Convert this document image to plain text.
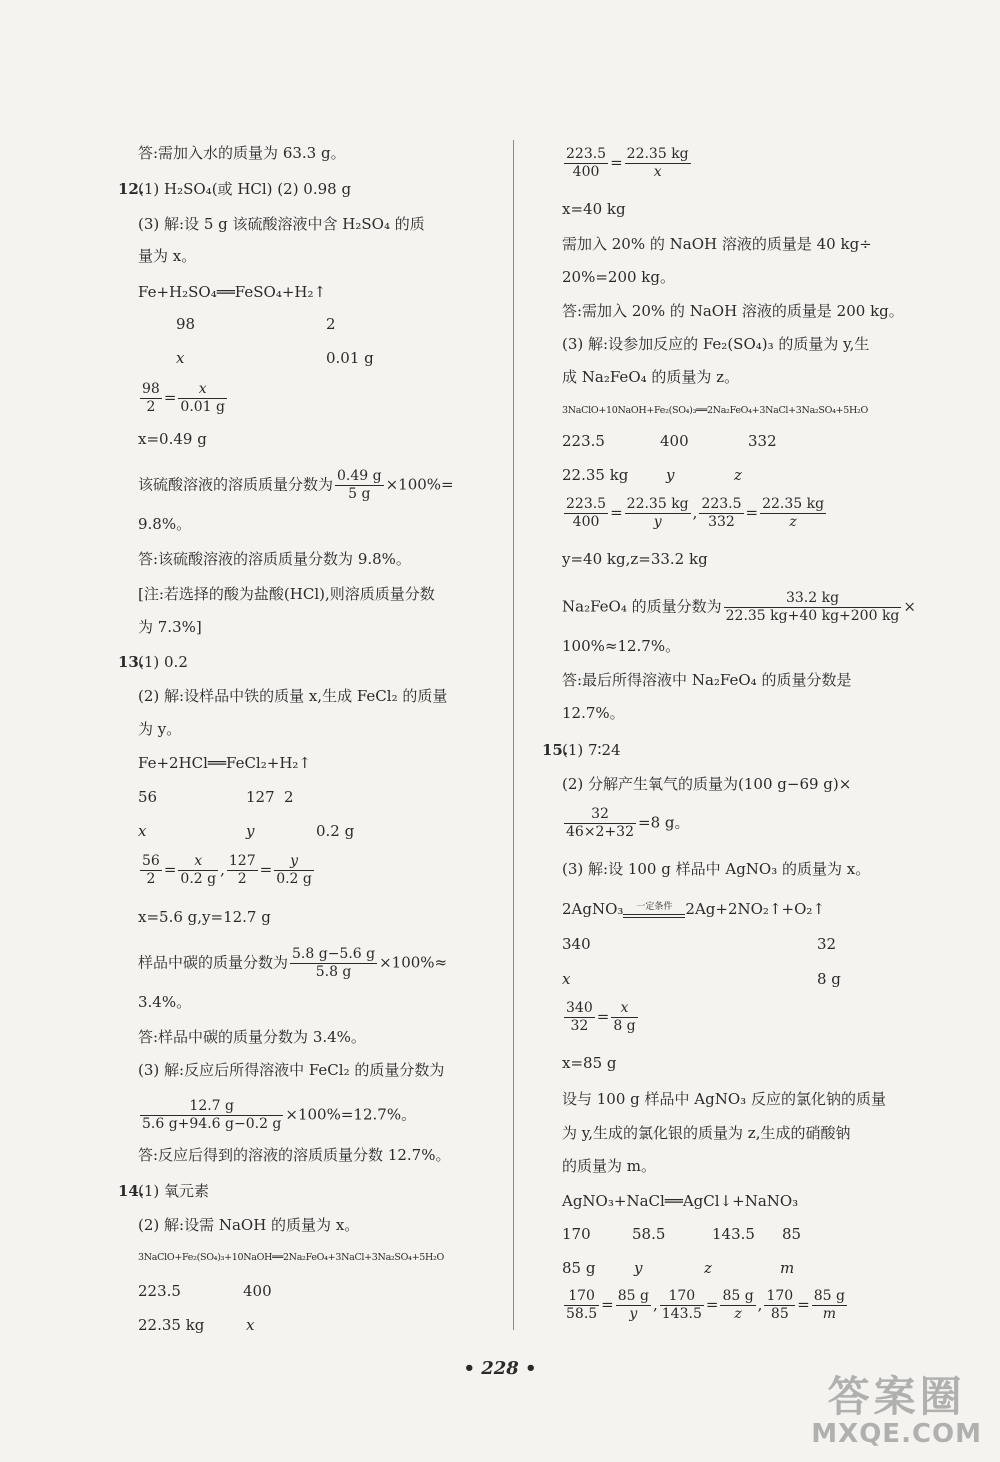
答:需加入水的质量为 63.3 g。
12.
(1) H₂SO₄(或 HCl) (2) 0.98 g
(3) 解:设 5 g 该硫酸溶液中含 H₂SO₄ 的质
量为 x。
Fe+H₂SO₄══FeSO₄+H₂↑
98	2
x	0.01 g
$\frac{98}{2} = \frac{x}{0.01 g}$
x=0.49 g
该硫酸溶液的溶质质量分数为 $\frac{0.49 g}{5 g} \times 100\%=$
9.8%。
答:该硫酸溶液的溶质质量分数为 9.8%。
[注:若选择的酸为盐酸(HCl),则溶质质量分数
为 7.3%]
13.
(1) 0.2
(2) 解:设样品中铁的质量 x,生成 FeCl₂ 的质量
为 y。
Fe+2HCl══FeCl₂+H₂↑
56	127 2
x	y	0.2 g
$\frac{56}{2} = \frac{x}{0.2 g}$ , $\frac{127}{2} = \frac{y}{0.2 g}$
x=5.6 g,y=12.7 g
样品中碳的质量分数为 $\frac{5.8 g-5.6 g}{5.8 g} \times 100\%\approx$
3.4%。
答:样品中碳的质量分数为 3.4%。
(3) 解:反应后所得溶液中 FeCl₂ 的质量分数为
$\frac{12.7 g}{5.6 g+94.6 g-0.2 g} \times 100\%=12.7\%$。
答:反应后得到的溶液的溶质质量分数 12.7%。
14.
(1) 氧元素
(2) 解:设需 NaOH 的质量为 x。
3NaClO+Fe₂(SO₄)₃+10NaOH══2Na₂FeO₄+3NaCl+3Na₂SO₄+5H₂O
223.5	400
22.35 kg	x
$\frac{223.5}{400} = \frac{22.35 kg}{x}$
x=40 kg
需加入 20% 的 NaOH 溶液的质量是 40 kg÷
20%=200 kg。
答:需加入 20% 的 NaOH 溶液的质量是 200 kg。
(3) 解:设参加反应的 Fe₂(SO₄)₃ 的质量为 y,生
成 Na₂FeO₄ 的质量为 z。
3NaClO+10NaOH+Fe₂(SO₄)₃══2Na₂FeO₄+3NaCl+3Na₂SO₄+5H₂O
223.5	400	332
22.35 kg	y	z
$\frac{223.5}{400} = \frac{22.35 kg}{y}$ , $\frac{223.5}{332} = \frac{22.35 kg}{z}$
y=40 kg,z=33.2 kg
Na₂FeO₄ 的质量分数为 $\frac{33.2 kg}{22.35 kg+40 kg+200 kg}$ ×
100%≈12.7%。
答:最后所得溶液中 Na₂FeO₄ 的质量分数是
12.7%。
15.
(1) 7∶24
(2) 分解产生氧气的质量为(100 g−69 g)×
$\frac{32}{46\times 2+32} =8$ g。
(3) 解:设 100 g 样品中 AgNO₃ 的质量为 x。
2AgNO₃	一定条件 2Ag+2NO₂↑+O₂↑
340	32
x	8 g
$\frac{340}{32} = \frac{x}{8 g}$
x=85 g
设与 100 g 样品中 AgNO₃ 反应的氯化钠的质量
为 y,生成的氯化银的质量为 z,生成的硝酸钠
的质量为 m。
AgNO₃+NaCl══AgCl↓+NaNO₃
170	58.5	143.5 85
85 g	y	z	m
$\frac{170}{58.5} = \frac{85 g}{y}$ , $\frac{170}{143.5} = \frac{85 g}{z}$ , $\frac{170}{85} = \frac{85 g}{m}$
• 228 •
答案圈
MXQE.COM
